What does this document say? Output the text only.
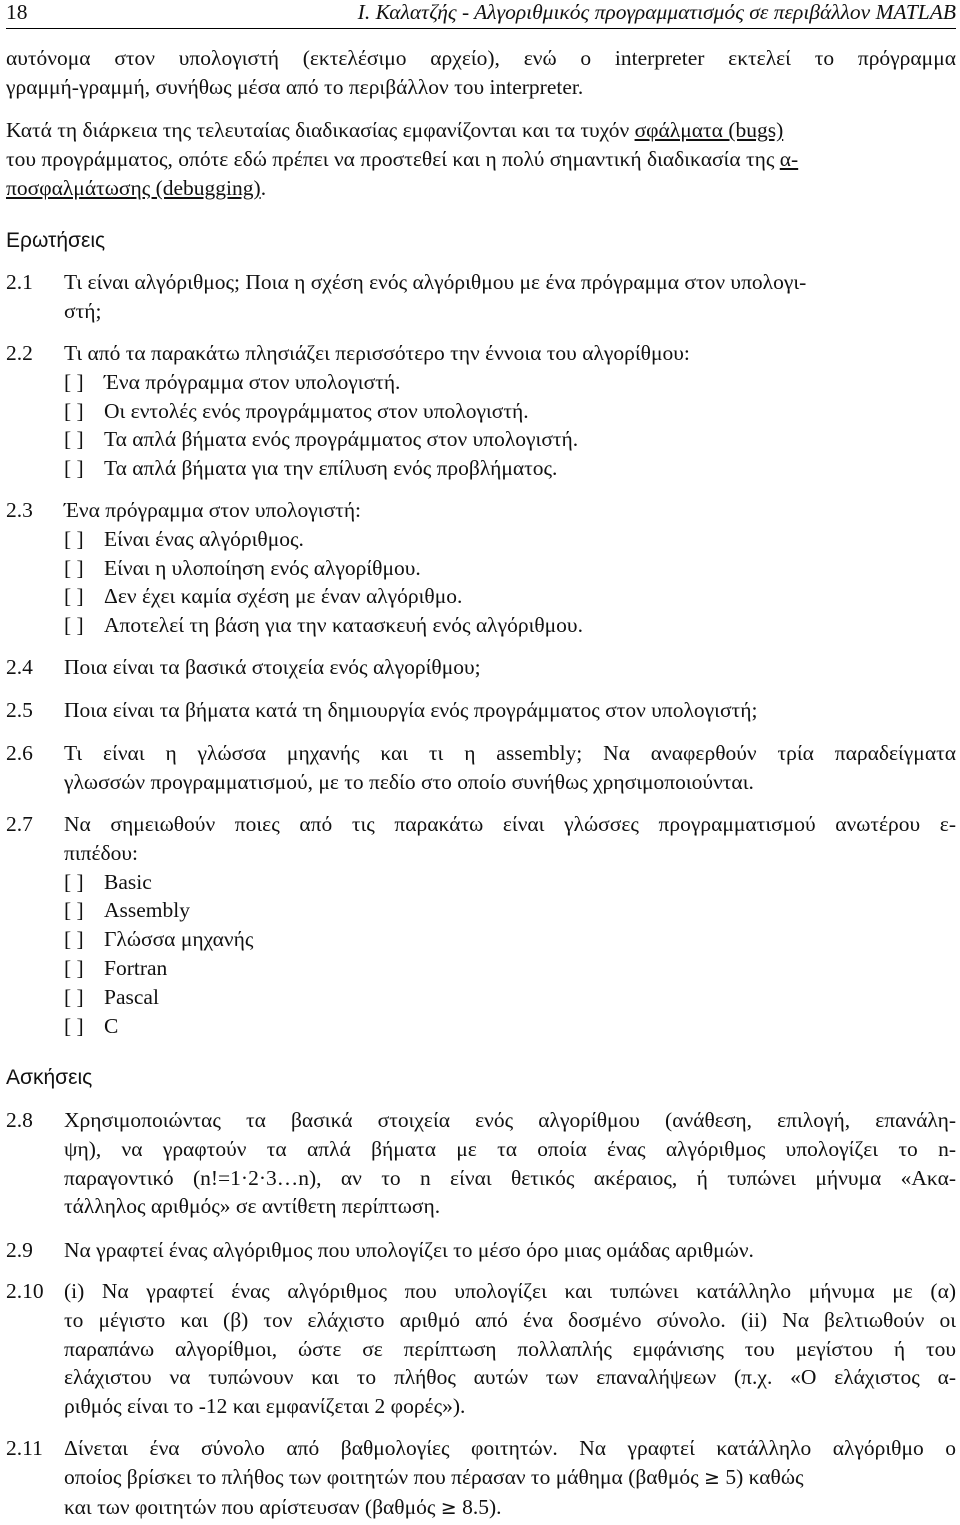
18	Ι. Καλατζής - Αλγοριθμικός προγραμματισμός σε περιβάλλον MATLAB
αυτόνομα στον υπολογιστή (εκτελέσιμο αρχείο), ενώ ο interpreter εκτελεί το πρόγραμμα
γραμμή-γραμμή, συνήθως μέσα από το περιβάλλον του interpreter.
Κατά τη διάρκεια της τελευταίας διαδικασίας εμφανίζονται και τα τυχόν σφάλματα (bugs)
του προγράμματος, οπότε εδώ πρέπει να προστεθεί και η πολύ σημαντική διαδικασία της α-
ποσφαλμάτωσης (debugging).
Ερωτήσεις
2.1 Τι είναι αλγόριθμος; Ποια η σχέση ενός αλγόριθμου με ένα πρόγραμμα στον υπολογι-
στή;
2.2 Τι από τα παρακάτω πλησιάζει περισσότερο την έννοια του αλγορίθμου:
[ ] Ένα πρόγραμμα στον υπολογιστή.
[ ] Οι εντολές ενός προγράμματος στον υπολογιστή.
[ ] Τα απλά βήματα ενός προγράμματος στον υπολογιστή.
[ ] Τα απλά βήματα για την επίλυση ενός προβλήματος.
2.3 Ένα πρόγραμμα στον υπολογιστή:
[ ] Είναι ένας αλγόριθμος.
[ ] Είναι η υλοποίηση ενός αλγορίθμου.
[ ] Δεν έχει καμία σχέση με έναν αλγόριθμο.
[ ] Αποτελεί τη βάση για την κατασκευή ενός αλγόριθμου.
2.4 Ποια είναι τα βασικά στοιχεία ενός αλγορίθμου;
2.5 Ποια είναι τα βήματα κατά τη δημιουργία ενός προγράμματος στον υπολογιστή;
2.6 Τι είναι η γλώσσα μηχανής και τι η assembly; Να αναφερθούν τρία παραδείγματα
γλωσσών προγραμματισμού, με το πεδίο στο οποίο συνήθως χρησιμοποιούνται.
2.7 Να σημειωθούν ποιες από τις παρακάτω είναι γλώσσες προγραμματισμού ανωτέρου ε-
πιπέδου:
[ ] Basic
[ ] Assembly
[ ] Γλώσσα μηχανής
[ ] Fortran
[ ] Pascal
[ ] C
Ασκήσεις
2.8 Χρησιμοποιώντας τα βασικά στοιχεία ενός αλγορίθμου (ανάθεση, επιλογή, επανάλη-
ψη), να γραφτούν τα απλά βήματα με τα οποία ένας αλγόριθμος υπολογίζει το n-
παραγοντικό (n!=1·2·3…n), αν το n είναι θετικός ακέραιος, ή τυπώνει μήνυμα «Ακα-
τάλληλος αριθμός» σε αντίθετη περίπτωση.
2.9 Να γραφτεί ένας αλγόριθμος που υπολογίζει το μέσο όρο μιας ομάδας αριθμών.
2.10 (i) Να γραφτεί ένας αλγόριθμος που υπολογίζει και τυπώνει κατάλληλο μήνυμα με (α)
το μέγιστο και (β) τον ελάχιστο αριθμό από ένα δοσμένο σύνολο. (ii) Να βελτιωθούν οι
παραπάνω αλγορίθμοι, ώστε σε περίπτωση πολλαπλής εμφάνισης του μεγίστου ή του
ελάχιστου να τυπώνουν και το πλήθος αυτών των επαναλήψεων (π.χ. «Ο ελάχιστος α-
ριθμός είναι το -12 και εμφανίζεται 2 φορές»).
2.11 Δίνεται ένα σύνολο από βαθμολογίες φοιτητών. Να γραφτεί κατάλληλο αλγόριθμο ο
οποίος βρίσκει το πλήθος των φοιτητών που πέρασαν το μάθημα (βαθμός ≥ 5) καθώς
και των φοιτητών που αρίστευσαν (βαθμός ≥ 8.5).
